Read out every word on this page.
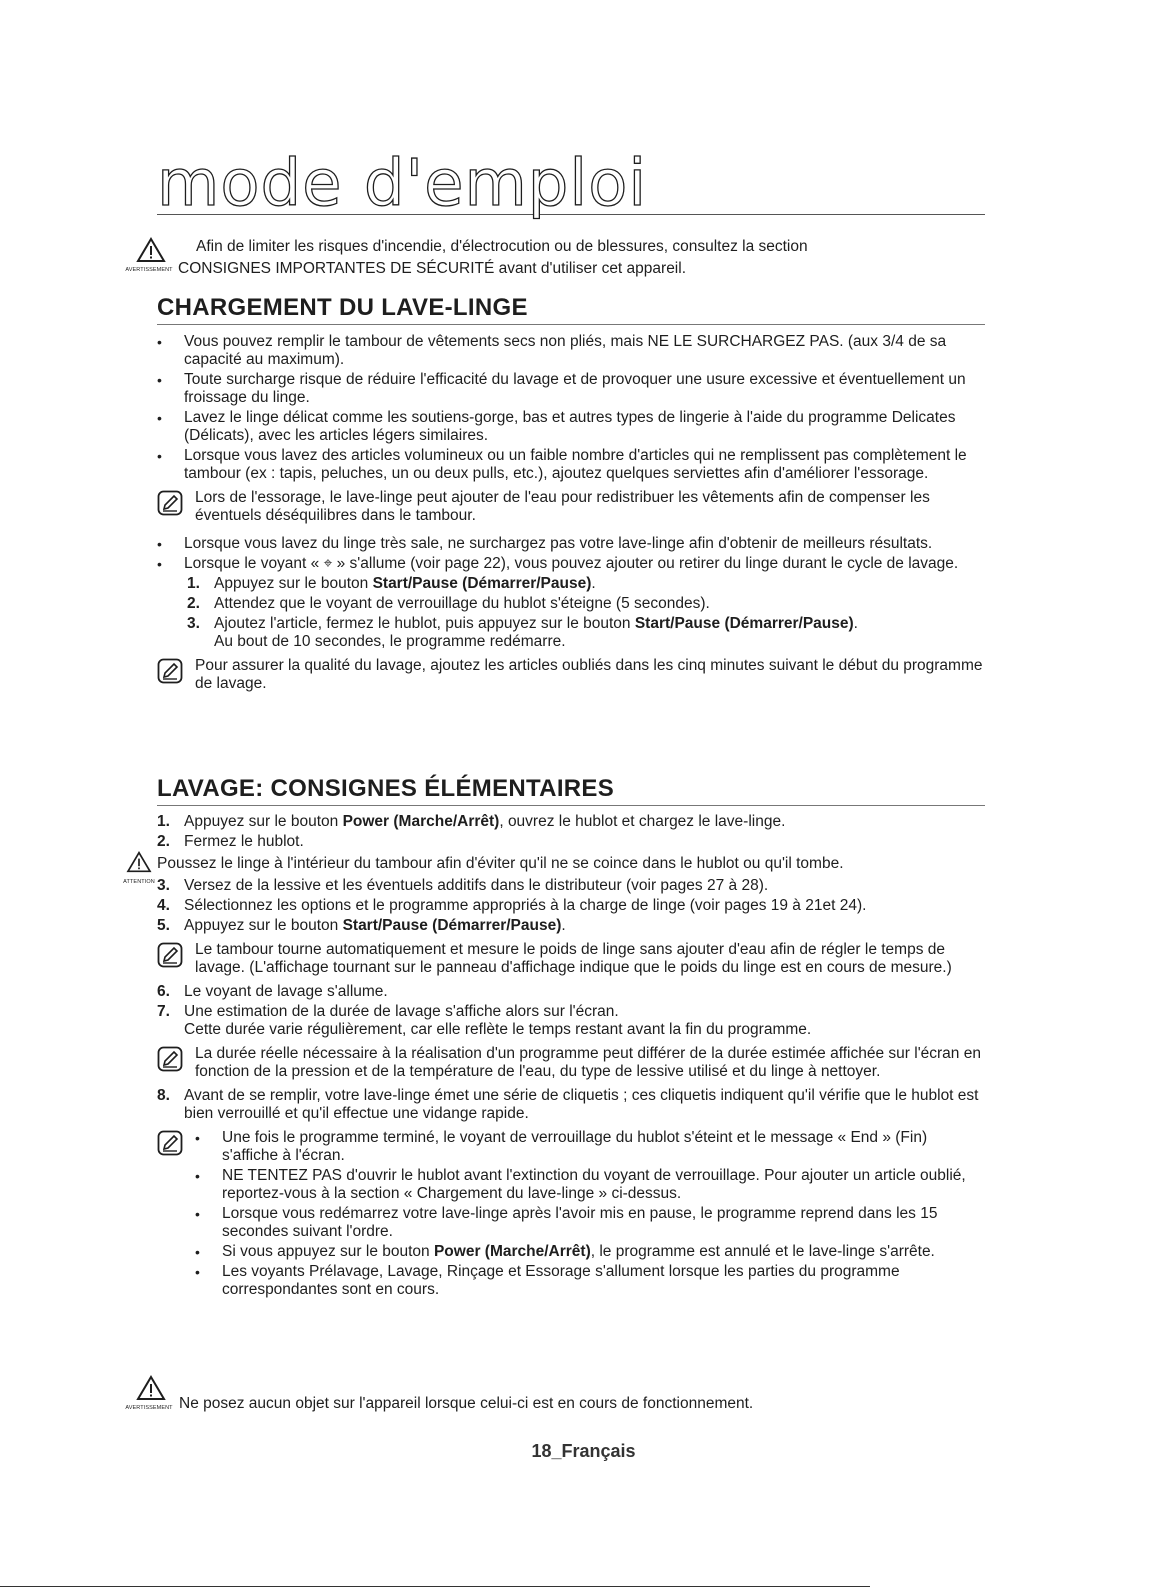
mode d'emploi
AVERTISSEMENT
Afin de limiter les risques d'incendie, d'électrocution ou de blessures, consultez la section
CONSIGNES IMPORTANTES DE SÉCURITÉ avant d'utiliser cet appareil.
CHARGEMENT DU LAVE-LINGE
• Vous pouvez remplir le tambour de vêtements secs non pliés, mais NE LE SURCHARGEZ PAS. (aux 3/4 de sa capacité au maximum).
• Toute surcharge risque de réduire l'efficacité du lavage et de provoquer une usure excessive et éventuellement un froissage du linge.
• Lavez le linge délicat comme les soutiens-gorge, bas et autres types de lingerie à l'aide du programme Delicates (Délicats), avec les articles légers similaires.
• Lorsque vous lavez des articles volumineux ou un faible nombre d'articles qui ne remplissent pas complètement le tambour (ex : tapis, peluches, un ou deux pulls, etc.), ajoutez quelques serviettes afin d'améliorer l'essorage.
Lors de l'essorage, le lave-linge peut ajouter de l'eau pour redistribuer les vêtements afin de compenser les éventuels déséquilibres dans le tambour.
• Lorsque vous lavez du linge très sale, ne surchargez pas votre lave-linge afin d'obtenir de meilleurs résultats.
• Lorsque le voyant « ⌖ » s'allume (voir page 22), vous pouvez ajouter ou retirer du linge durant le cycle de lavage.
1. Appuyez sur le bouton Start/Pause (Démarrer/Pause).
2. Attendez que le voyant de verrouillage du hublot s'éteigne (5 secondes).
3. Ajoutez l'article, fermez le hublot, puis appuyez sur le bouton Start/Pause (Démarrer/Pause).
Au bout de 10 secondes, le programme redémarre.
Pour assurer la qualité du lavage, ajoutez les articles oubliés dans les cinq minutes suivant le début du programme de lavage.
LAVAGE: CONSIGNES ÉLÉMENTAIRES
1. Appuyez sur le bouton Power (Marche/Arrêt), ouvrez le hublot et chargez le lave-linge.
2. Fermez le hublot.
ATTENTION
Poussez le linge à l'intérieur du tambour afin d'éviter qu'il ne se coince dans le hublot ou qu'il tombe.
3. Versez de la lessive et les éventuels additifs dans le distributeur (voir pages 27 à 28).
4. Sélectionnez les options et le programme appropriés à la charge de linge (voir pages 19 à 21et 24).
5. Appuyez sur le bouton Start/Pause (Démarrer/Pause).
Le tambour tourne automatiquement et mesure le poids de linge sans ajouter d'eau afin de régler le temps de lavage. (L'affichage tournant sur le panneau d'affichage indique que le poids du linge est en cours de mesure.)
6. Le voyant de lavage s'allume.
7. Une estimation de la durée de lavage s'affiche alors sur l'écran.
Cette durée varie régulièrement, car elle reflète le temps restant avant la fin du programme.
La durée réelle nécessaire à la réalisation d'un programme peut différer de la durée estimée affichée sur l'écran en fonction de la pression et de la température de l'eau, du type de lessive utilisé et du linge à nettoyer.
8. Avant de se remplir, votre lave-linge émet une série de cliquetis ; ces cliquetis indiquent qu'il vérifie que le hublot est bien verrouillé et qu'il effectue une vidange rapide.
• Une fois le programme terminé, le voyant de verrouillage du hublot s'éteint et le message « End » (Fin) s'affiche à l'écran.
• NE TENTEZ PAS d'ouvrir le hublot avant l'extinction du voyant de verrouillage. Pour ajouter un article oublié, reportez-vous à la section « Chargement du lave-linge » ci-dessus.
• Lorsque vous redémarrez votre lave-linge après l'avoir mis en pause, le programme reprend dans les 15 secondes suivant l'ordre.
• Si vous appuyez sur le bouton Power (Marche/Arrêt), le programme est annulé et le lave-linge s'arrête.
• Les voyants Prélavage, Lavage, Rinçage et Essorage s'allument lorsque les parties du programme correspondantes sont en cours.
AVERTISSEMENT Ne posez aucun objet sur l'appareil lorsque celui-ci est en cours de fonctionnement.
18_Français
